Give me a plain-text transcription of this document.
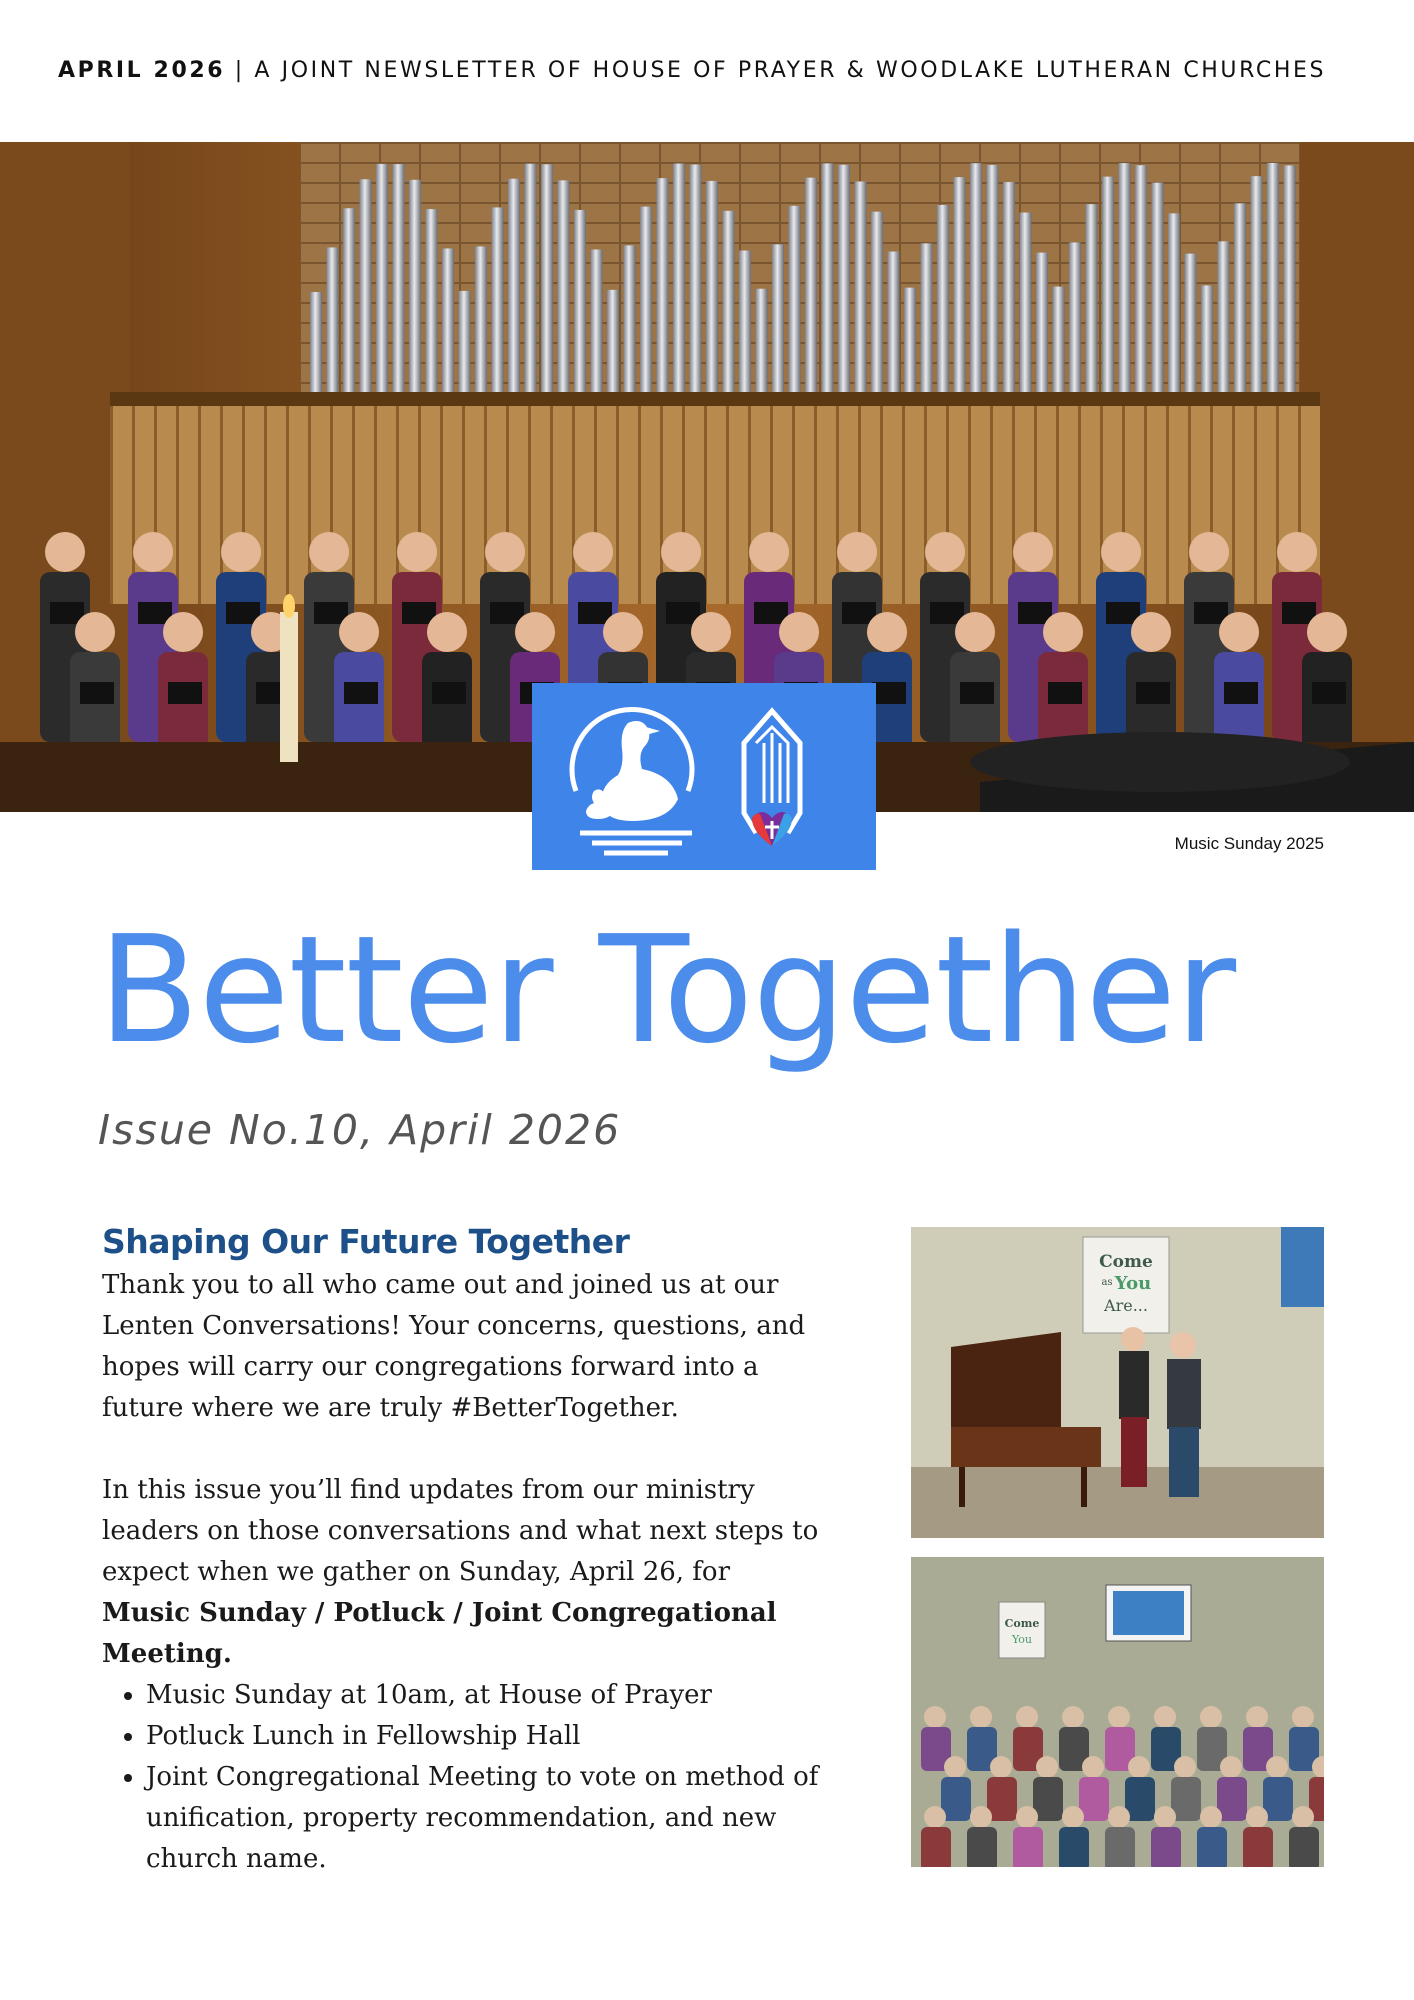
APRIL 2026 | A JOINT NEWSLETTER OF HOUSE OF PRAYER & WOODLAKE LUTHERAN CHURCHES
Music Sunday 2025
Better Together
Issue No.10, April 2026
Shaping Our Future Together

Thank you to all who came out and joined us at our Lenten Conversations! Your concerns, questions, and hopes will carry our congregations forward into a future where we are truly #BetterTogether.

In this issue you’ll find updates from our ministry leaders on those conversations and what next steps to expect when we gather on Sunday, April 26, for Music Sunday / Potluck / Joint Congregational Meeting.

• Music Sunday at 10am, at House of Prayer
• Potluck Lunch in Fellowship Hall
• Joint Congregational Meeting to vote on method of unification, property recommendation, and new church name.
Come
as You
Are...
Come
You
